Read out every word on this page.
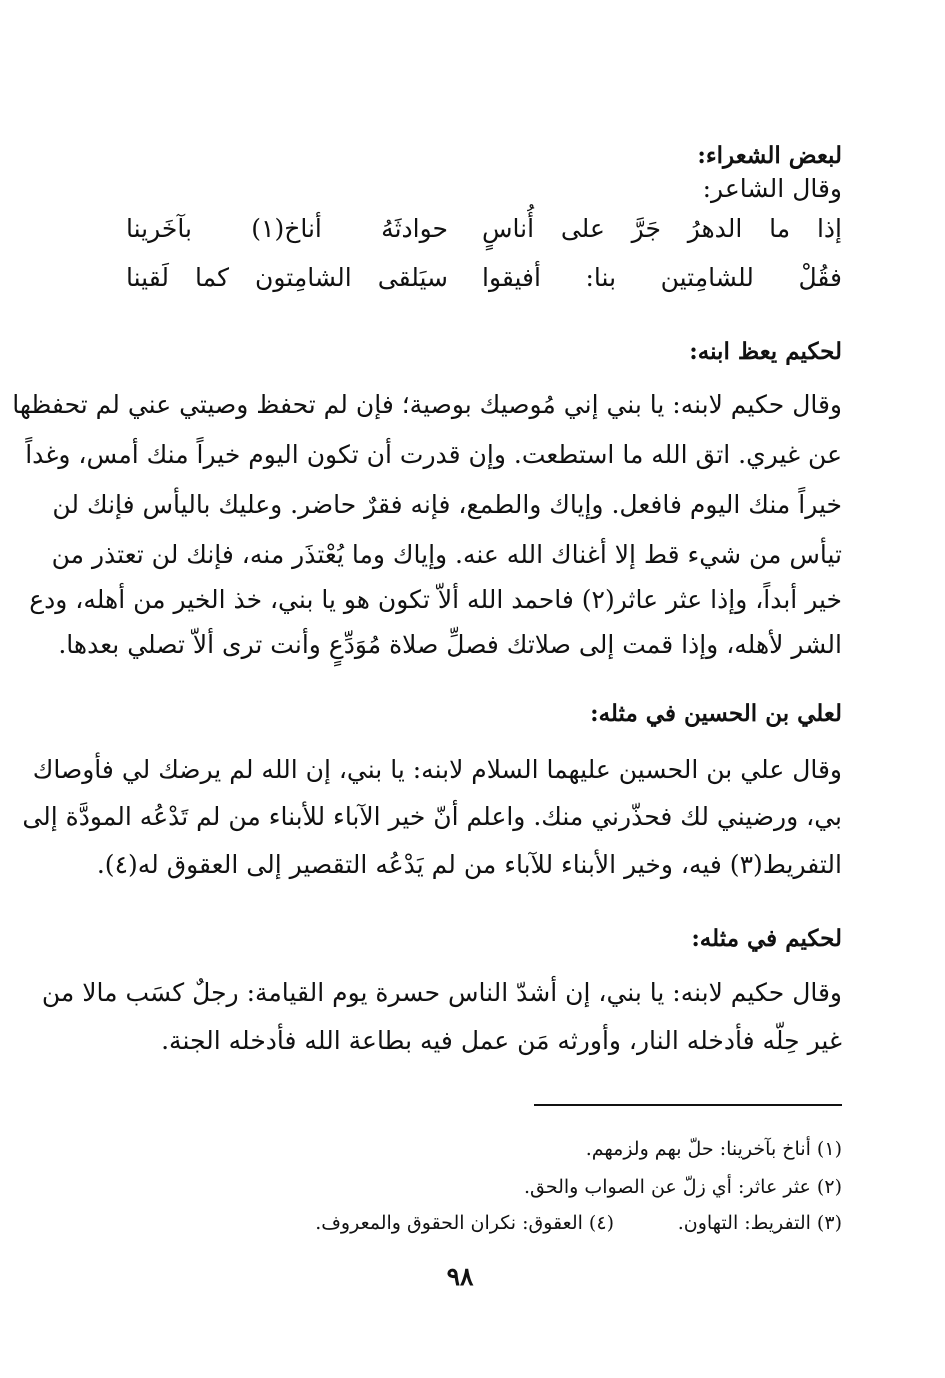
لبعض الشعراء:
وقال الشاعر:
إذا ما الدهرُ جَرَّ على أُناسٍ
حوادثَهُ أناخ(١) بآخَرينا
فقُلْ للشامِتين بنا: أفيقوا
سيَلقى الشامِتون كما لَقينا
لحكيم يعظ ابنه:
وقال حكيم لابنه: يا بني إني مُوصيك بوصية؛ فإن لم تحفظ وصيتي عني لم تحفظها
عن غيري. اتق الله ما استطعت. وإن قدرت أن تكون اليوم خيراً منك أمس، وغداً
خيراً منك اليوم فافعل. وإياك والطمع، فإنه فقرٌ حاضر. وعليك باليأس فإنك لن
تيأس من شيء قط إلا أغناك الله عنه. وإياك وما يُعْتذَر منه، فإنك لن تعتذر من
خير أبداً، وإذا عثر عاثر(٢) فاحمد الله ألاّ تكون هو يا بني، خذ الخير من أهله، ودع
الشر لأهله، وإذا قمت إلى صلاتك فصلِّ صلاة مُوَدِّعٍ وأنت ترى ألاّ تصلي بعدها.
لعلي بن الحسين في مثله:
وقال علي بن الحسين عليهما السلام لابنه: يا بني، إن الله لم يرضك لي فأوصاك
بي، ورضيني لك فحذّرني منك. واعلم أنّ خير الآباء للأبناء من لم تَدْعُه المودَّة إلى
التفريط(٣) فيه، وخير الأبناء للآباء من لم يَدْعُه التقصير إلى العقوق له(٤).
لحكيم في مثله:
وقال حكيم لابنه: يا بني، إن أشدّ الناس حسرة يوم القيامة: رجلٌ كسَب مالا من
غير حِلّه فأدخله النار، وأورثه مَن عمل فيه بطاعة الله فأدخله الجنة.
(١) أناخ بآخرينا: حلّ بهم ولزمهم.
(٢) عثر عاثر: أي زلّ عن الصواب والحق.
(٣) التفريط: التهاون.
(٤) العقوق: نكران الحقوق والمعروف.
٩٨
